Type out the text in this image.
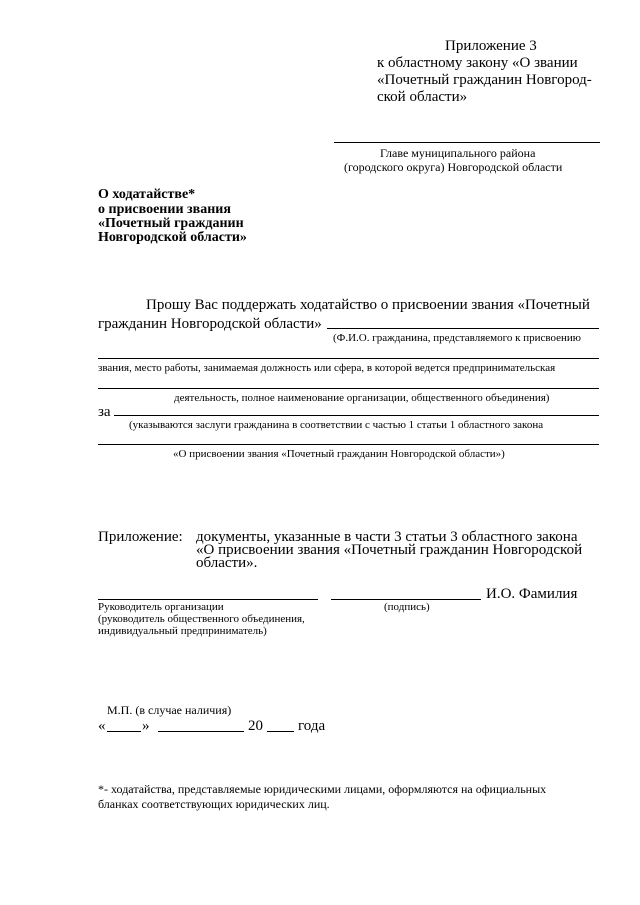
Приложение 3
к областному закону «О звании
«Почетный гражданин Новгород-
ской области»
Главе муниципального района
(городского округа) Новгородской области
О ходатайстве*
о присвоении звания
«Почетный гражданин
Новгородской области»
Прошу Вас поддержать ходатайство о присвоении звания «Почетный
гражданин Новгородской области»
(Ф.И.О. гражданина, представляемого к присвоению
звания, место работы, занимаемая должность или сфера, в которой ведется предпринимательская
деятельность, полное наименование организации, общественного объединения)
за
(указываются заслуги гражданина в соответствии с частью 1 статьи 1 областного закона
«О присвоении звания «Почетный гражданин Новгородской области»)
Приложение: документы, указанные в части 3 статьи 3 областного закона
«О присвоении звания «Почетный гражданин Новгородской
области».
И.О. Фамилия
Руководитель организации
(руководитель общественного объединения,
индивидуальный предприниматель)
(подпись)
М.П. (в случае наличия)
« »	20 года
*- ходатайства, представляемые юридическими лицами, оформляются на официальных
бланках соответствующих юридических лиц.
